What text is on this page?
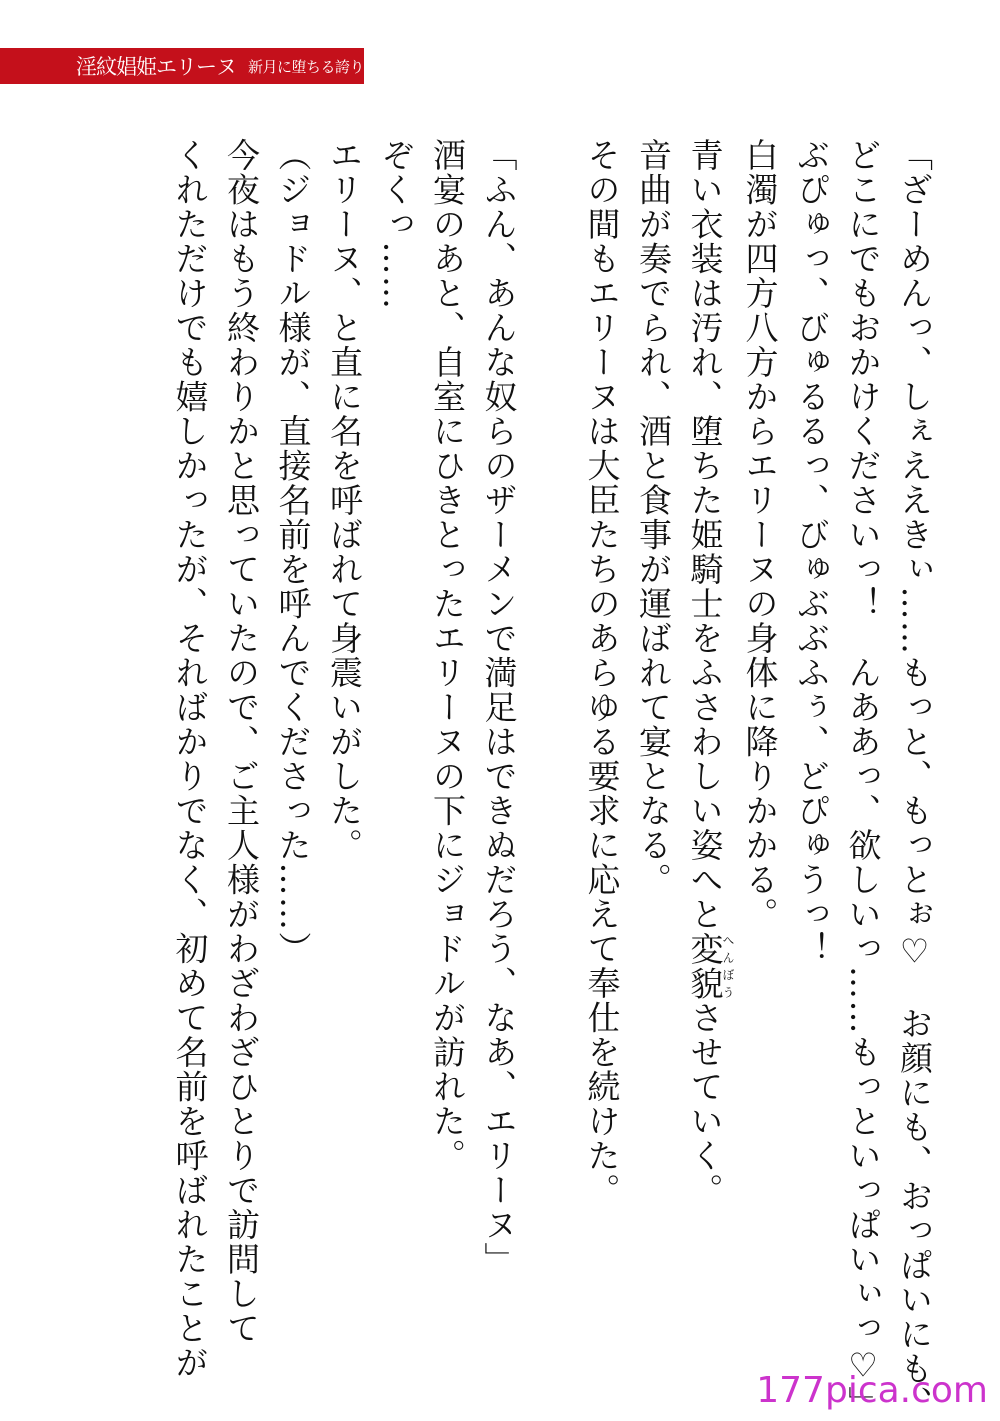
淫紋娼姫エリーヌ 新月に堕ちる誇り
「ざーめんっ、しぇええきぃ……もっと、もっとぉ♡　お顔にも、おっぱいにも、
どこにでもおかけくださいっ！　んああっ、欲しいっ……もっといっぱいぃっ♡」
ぶぴゅっ、びゅるるっ、びゅぶぶふぅ、どぴゅうっ！
白濁が四方八方からエリーヌの身体に降りかかる。
青い衣装は汚れ、堕ちた姫騎士をふさわしい姿へと変貌へんぼうさせていく。
音曲が奏でられ、酒と食事が運ばれて宴となる。
その間もエリーヌは大臣たちのあらゆる要求に応えて奉仕を続けた。

「ふん、あんな奴らのザーメンで満足はできぬだろう、なあ、エリーヌ」
酒宴のあと、自室にひきとったエリーヌの下にジョドルが訪れた。
ぞくっ……
エリーヌ、と直に名を呼ばれて身震いがした。
（ジョドル様が、直接名前を呼んでくださった……）
今夜はもう終わりかと思っていたので、ご主人様がわざわざひとりで訪問して
くれただけでも嬉しかったが、そればかりでなく、初めて名前を呼ばれたことが
177pica.com
